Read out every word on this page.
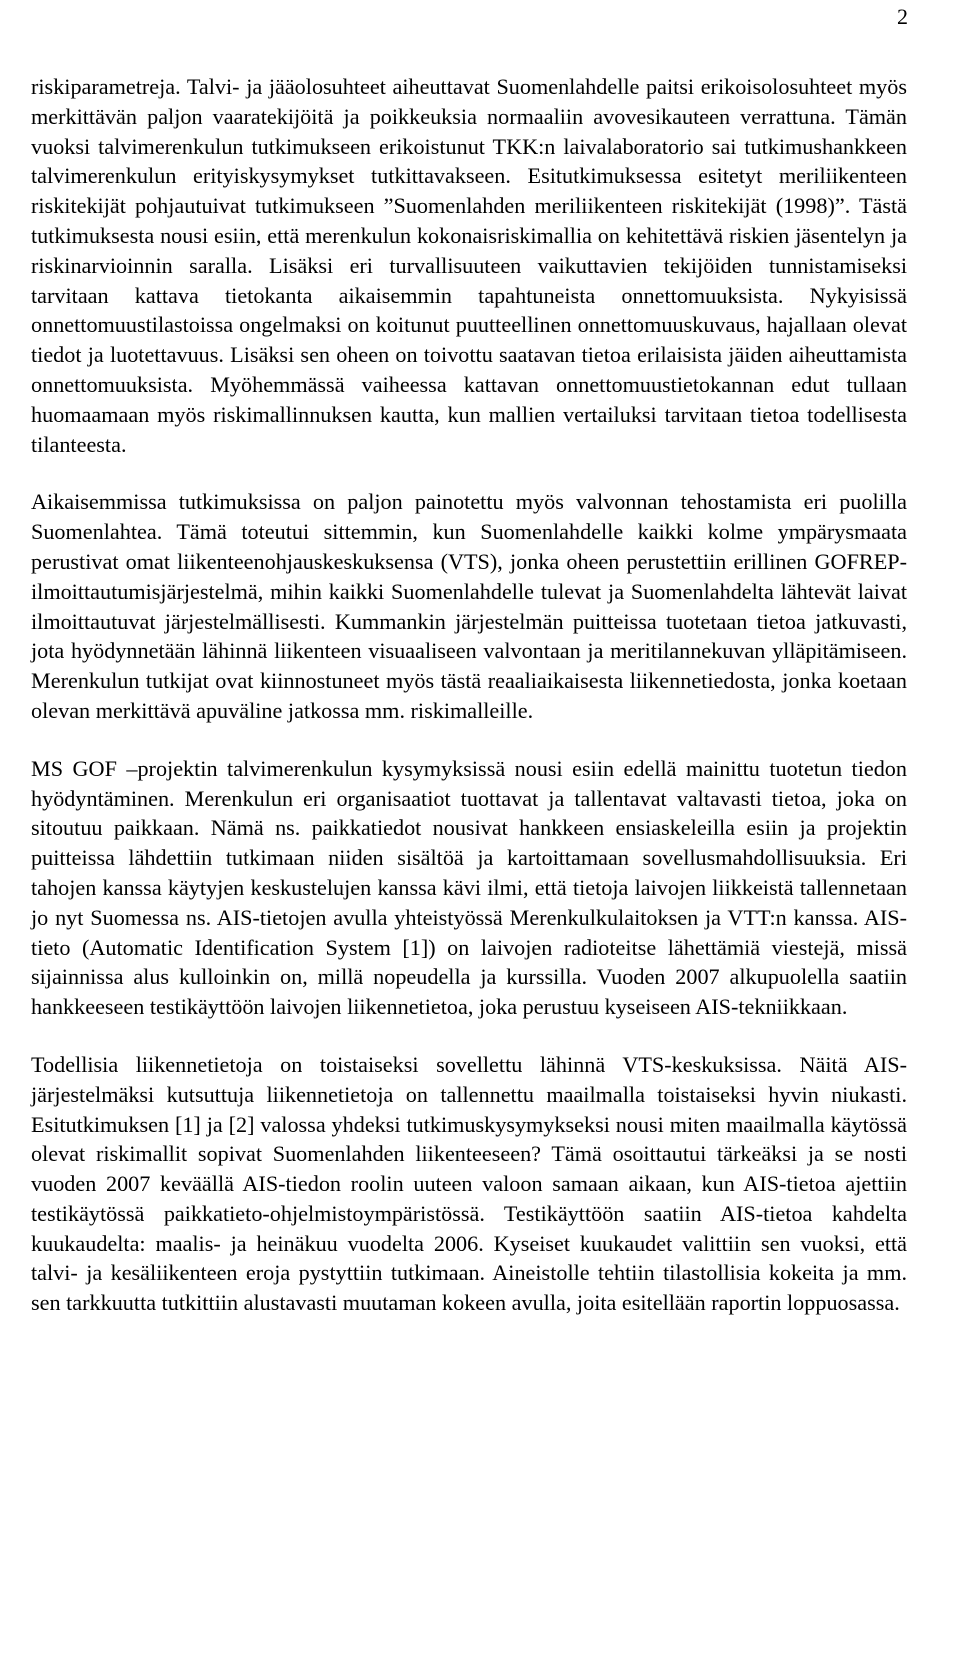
2

riskiparametreja. Talvi- ja jääolosuhteet aiheuttavat Suomenlahdelle paitsi erikoisolosuhteet myös merkittävän paljon vaaratekijöitä ja poikkeuksia normaaliin avovesikauteen verrattuna. Tämän vuoksi talvimerenkulun tutkimukseen erikoistunut TKK:n laivalaboratorio sai tutkimushankkeen talvimerenkulun erityiskysymykset tutkittavakseen. Esitutkimuksessa esitetyt meriliikenteen riskitekijät pohjautuivat tutkimukseen ”Suomenlahden meriliikenteen riskitekijät (1998)”. Tästä tutkimuksesta nousi esiin, että merenkulun kokonaisriskimallia on kehitettävä riskien jäsentelyn ja riskinarvioinnin saralla. Lisäksi eri turvallisuuteen vaikuttavien tekijöiden tunnistamiseksi tarvitaan kattava tietokanta aikaisemmin tapahtuneista onnettomuuksista. Nykyisissä onnettomuustilastoissa ongelmaksi on koitunut puutteellinen onnettomuuskuvaus, hajallaan olevat tiedot ja luotettavuus. Lisäksi sen oheen on toivottu saatavan tietoa erilaisista jäiden aiheuttamista onnettomuuksista. Myöhemmässä vaiheessa kattavan onnettomuustietokannan edut tullaan huomaamaan myös riskimallinnuksen kautta, kun mallien vertailuksi tarvitaan tietoa todellisesta tilanteesta.

Aikaisemmissa tutkimuksissa on paljon painotettu myös valvonnan tehostamista eri puolilla Suomenlahtea. Tämä toteutui sittemmin, kun Suomenlahdelle kaikki kolme ympärysmaata perustivat omat liikenteenohjauskeskuksensa (VTS), jonka oheen perustettiin erillinen GOFREP-ilmoittautumisjärjestelmä, mihin kaikki Suomenlahdelle tulevat ja Suomenlahdelta lähtevät laivat ilmoittautuvat järjestelmällisesti. Kummankin järjestelmän puitteissa tuotetaan tietoa jatkuvasti, jota hyödynnetään lähinnä liikenteen visuaaliseen valvontaan ja meritilannekuvan ylläpitämiseen. Merenkulun tutkijat ovat kiinnostuneet myös tästä reaaliaikaisesta liikennetiedosta, jonka koetaan olevan merkittävä apuväline jatkossa mm. riskimalleille.

MS GOF –projektin talvimerenkulun kysymyksissä nousi esiin edellä mainittu tuotetun tiedon hyödyntäminen. Merenkulun eri organisaatiot tuottavat ja tallentavat valtavasti tietoa, joka on sitoutuu paikkaan. Nämä ns. paikkatiedot nousivat hankkeen ensiaskeleilla esiin ja projektin puitteissa lähdettiin tutkimaan niiden sisältöä ja kartoittamaan sovellusmahdollisuuksia. Eri tahojen kanssa käytyjen keskustelujen kanssa kävi ilmi, että tietoja laivojen liikkeistä tallennetaan jo nyt Suomessa ns. AIS-tietojen avulla yhteistyössä Merenkulkulaitoksen ja VTT:n kanssa. AIS-tieto (Automatic Identification System [1]) on laivojen radioteitse lähettämiä viestejä, missä sijainnissa alus kulloinkin on, millä nopeudella ja kurssilla. Vuoden 2007 alkupuolella saatiin hankkeeseen testikäyttöön laivojen liikennetietoa, joka perustuu kyseiseen AIS-tekniikkaan.

Todellisia liikennetietoja on toistaiseksi sovellettu lähinnä VTS-keskuksissa. Näitä AIS-järjestelmäksi kutsuttuja liikennetietoja on tallennettu maailmalla toistaiseksi hyvin niukasti. Esitutkimuksen [1] ja [2] valossa yhdeksi tutkimuskysymykseksi nousi miten maailmalla käytössä olevat riskimallit sopivat Suomenlahden liikenteeseen? Tämä osoittautui tärkeäksi ja se nosti vuoden 2007 keväällä AIS-tiedon roolin uuteen valoon samaan aikaan, kun AIS-tietoa ajettiin testikäytössä paikkatieto-ohjelmistoympäristössä. Testikäyttöön saatiin AIS-tietoa kahdelta kuukaudelta: maalis- ja heinäkuu vuodelta 2006. Kyseiset kuukaudet valittiin sen vuoksi, että talvi- ja kesäliikenteen eroja pystyttiin tutkimaan. Aineistolle tehtiin tilastollisia kokeita ja mm. sen tarkkuutta tutkittiin alustavasti muutaman kokeen avulla, joita esitellään raportin loppuosassa.
